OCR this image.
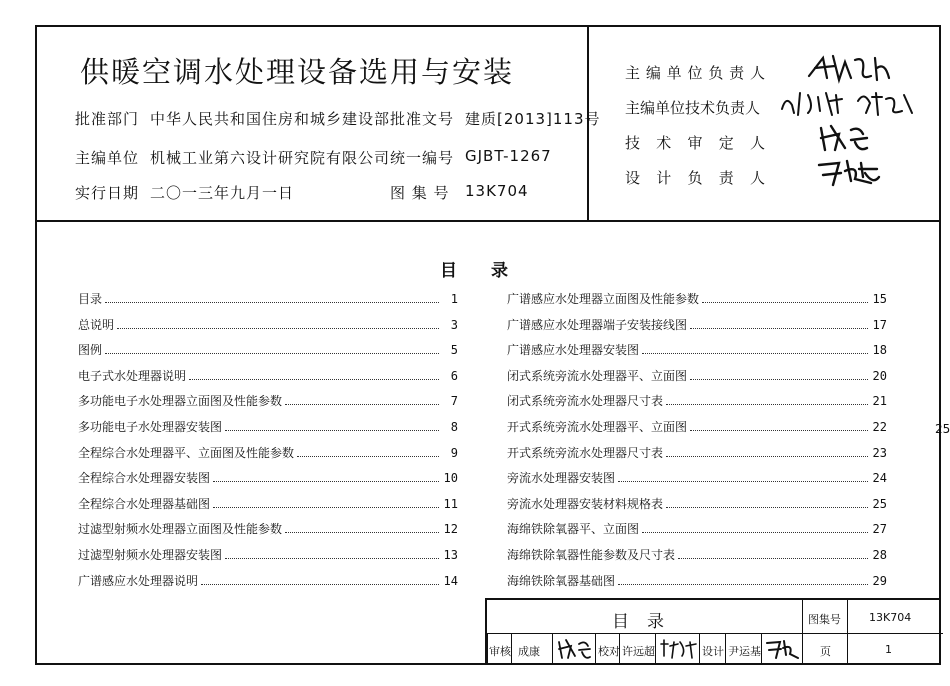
供暖空调水处理设备选用与安装
批准部门 中华人民共和国住房和城乡建设部 批准文号 建质[2013]113号
主编单位 机械工业第六设计研究院有限公司 统一编号 GJBT-1267
实行日期 二〇一三年九月一日	图 集 号 13K704
主编单位负责人
主编单位技术负责人
技术审定人
设计负责人
目　　录
目录	1
总说明	3
图例	5
电子式水处理器说明	6
多功能电子水处理器立面图及性能参数	7
多功能电子水处理器安装图	8
全程综合水处理器平、立面图及性能参数	9
全程综合水处理器安装图	10
全程综合水处理器基础图	11
过滤型射频水处理器立面图及性能参数	12
过滤型射频水处理器安装图	13
广谱感应水处理器说明	14
广谱感应水处理器立面图及性能参数	15
广谱感应水处理器端子安装接线图	17
广谱感应水处理器安装图	18
闭式系统旁流水处理器平、立面图	20
闭式系统旁流水处理器尺寸表	21
开式系统旁流水处理器平、立面图	22
开式系统旁流水处理器尺寸表	23
旁流水处理器安装图	24
旁流水处理器安装材料规格表	25
海绵铁除氧器平、立面图	27
海绵铁除氧器性能参数及尺寸表	28
海绵铁除氧器基础图	29
25
目录	图集号	13K704
审核 成康	校对 许远超	设计 尹运基	页	1
